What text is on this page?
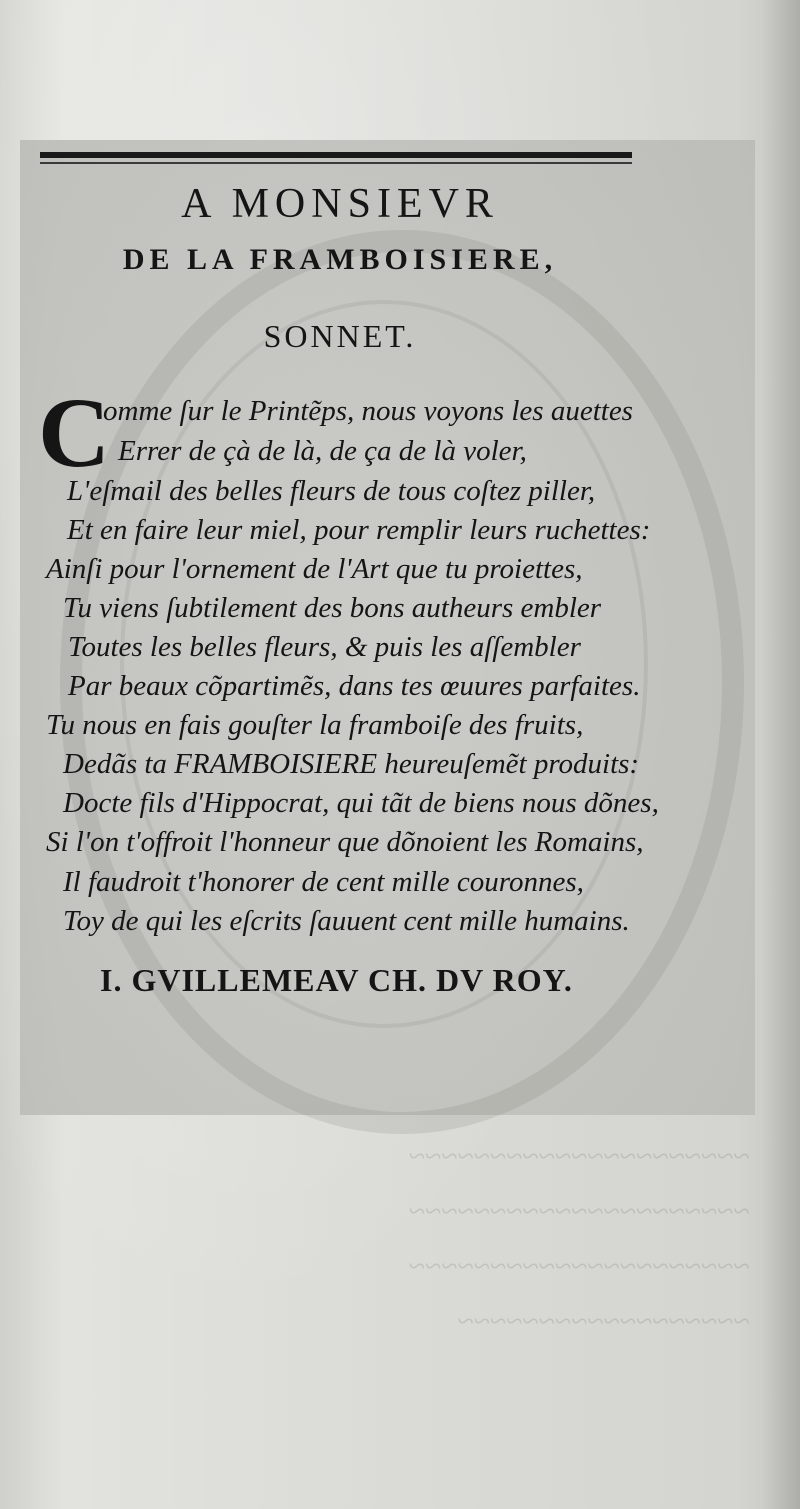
A MONSIEVR
DE LA FRAMBOISIERE,
SONNET.
C
omme ſur le Printẽps, nous voyons les auettes
Errer de çà de là, de ça de là voler,
L'eſmail des belles fleurs de tous coſtez piller,
Et en faire leur miel, pour remplir leurs ruchettes:
Ainſi pour l'ornement de l'Art que tu proiettes,
Tu viens ſubtilement des bons autheurs embler
Toutes les belles fleurs, & puis les aſſembler
Par beaux cõpartimẽs, dans tes œuures parfaites.
Tu nous en fais gouſter la framboiſe des fruits,
Dedãs ta FRAMBOISIERE heureuſemẽt produits:
Docte fils d'Hippocrat, qui tãt de biens nous dõnes,
Si l'on t'offroit l'honneur que dõnoient les Romains,
Il faudroit t'honorer de cent mille couronnes,
Toy de qui les eſcrits ſauuent cent mille humains.
I. GVILLEMEAV CH. DV ROY.
~~~~~~~~~~~~~~~~~~~~~
~~~~~~~~~~~~~~~~~~~~~
~~~~~~~~~~~~~~~~~~~~~
~~~~~~~~~~~~~~~~~~
